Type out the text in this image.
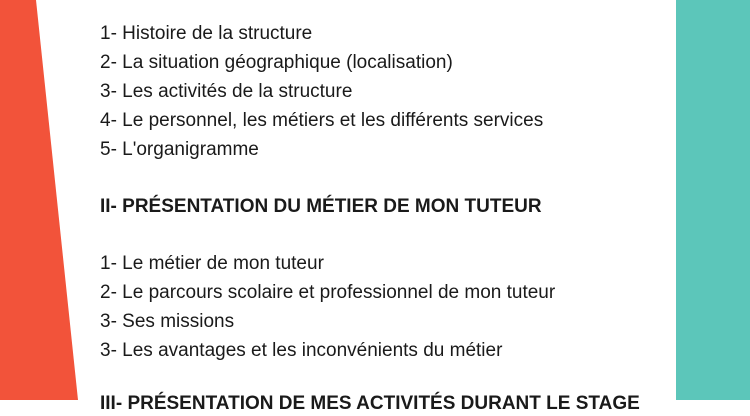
1- Histoire de la structure
2- La situation géographique (localisation)
3- Les activités de la structure
4- Le personnel, les métiers et les différents services
5- L'organigramme
II- PRÉSENTATION DU MÉTIER DE MON TUTEUR
1- Le métier de mon tuteur
2- Le parcours scolaire et professionnel de mon tuteur
3- Ses missions
3- Les avantages et les inconvénients du métier
III- PRÉSENTATION DE MES ACTIVITÉS DURANT LE STAGE
